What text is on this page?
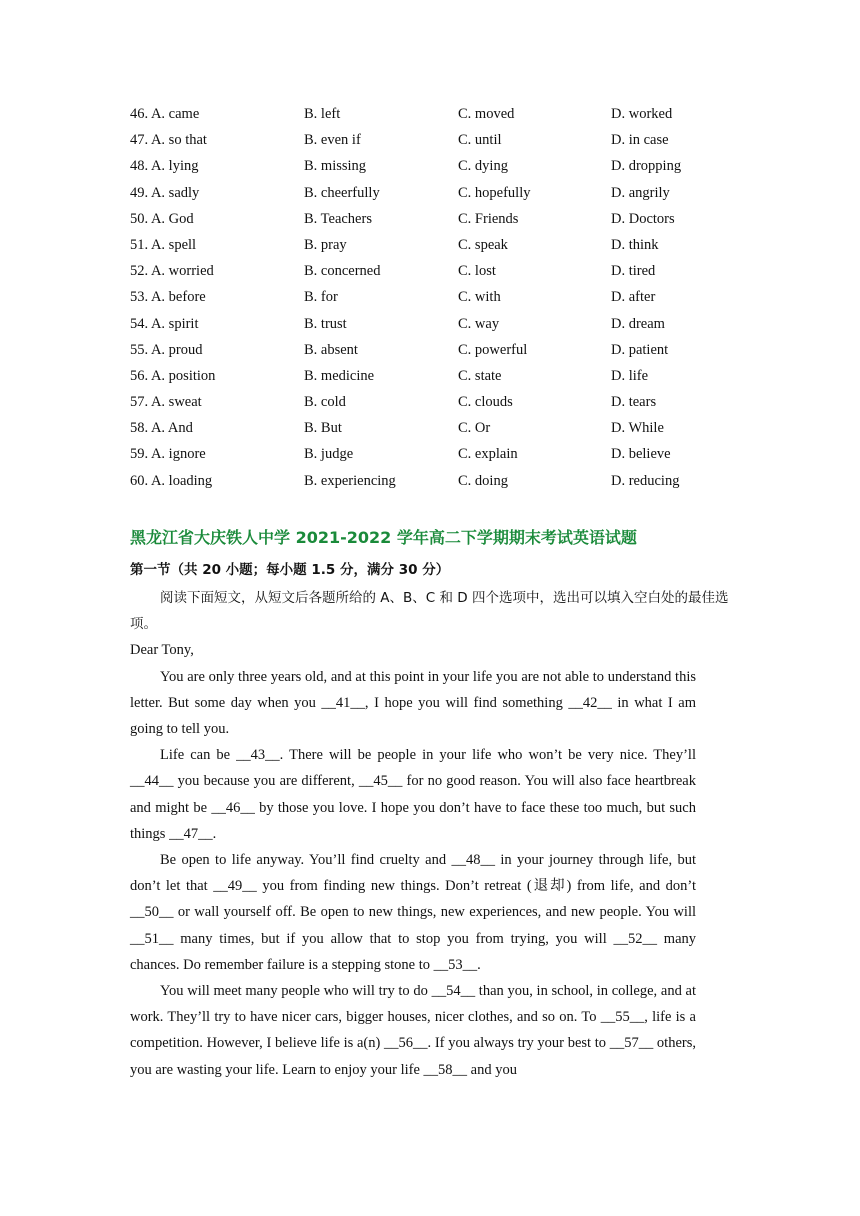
46. A. came	B. left	C. moved	D. worked
47. A. so that	B. even if	C. until	D. in case
48. A. lying	B. missing	C. dying	D. dropping
49. A. sadly	B. cheerfully	C. hopefully	D. angrily
50. A. God	B. Teachers	C. Friends	D. Doctors
51. A. spell	B. pray	C. speak	D. think
52. A. worried	B. concerned	C. lost	D. tired
53. A. before	B. for	C. with	D. after
54. A. spirit	B. trust	C. way	D. dream
55. A. proud	B. absent	C. powerful	D. patient
56. A. position	B. medicine	C. state	D. life
57. A. sweat	B. cold	C. clouds	D. tears
58. A. And	B. But	C. Or	D. While
59. A. ignore	B. judge	C. explain	D. believe
60. A. loading	B. experiencing	C. doing	D. reducing
黑龙江省大庆铁人中学 2021-2022 学年高二下学期期末考试英语试题
第一节（共 20 小题；每小题 1.5 分，满分 30 分）

阅读下面短文，从短文后各题所给的 A、B、C 和 D 四个选项中，选出可以填入空白处的最佳选项。

Dear Tony,

You are only three years old, and at this point in your life you are not able to understand this letter. But some day when you __41__, I hope you will find something __42__ in what I am going to tell you.

Life can be __43__. There will be people in your life who won’t be very nice. They’ll __44__ you because you are different, __45__ for no good reason. You will also face heartbreak and might be __46__ by those you love. I hope you don’t have to face these too much, but such things __47__.

Be open to life anyway. You’ll find cruelty and __48__ in your journey through life, but don’t let that __49__ you from finding new things. Don’t retreat (退却) from life, and don’t __50__ or wall yourself off. Be open to new things, new experiences, and new people. You will __51__ many times, but if you allow that to stop you from trying, you will __52__ many chances. Do remember failure is a stepping stone to __53__.

You will meet many people who will try to do __54__ than you, in school, in college, and at work. They’ll try to have nicer cars, bigger houses, nicer clothes, and so on. To __55__, life is a competition. However, I believe life is a(n) __56__. If you always try your best to __57__ others, you are wasting your life. Learn to enjoy your life __58__ and you
